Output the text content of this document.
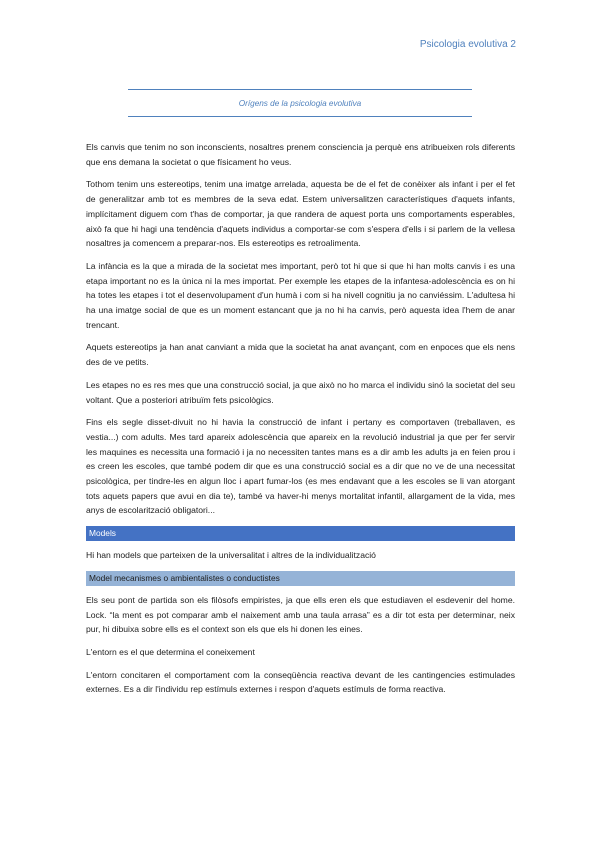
Psicologia evolutiva 2
Orígens de la psicologia evolutiva

Els canvis que tenim no son inconscients, nosaltres prenem consciencia ja perquè ens atribueixen rols diferents que ens demana la societat o que físicament ho veus.

Tothom tenim uns estereotips, tenim una imatge arrelada, aquesta be de el fet de conèixer als infant i per el fet de generalitzar amb tot es membres de la seva edat. Estem universalitzen característiques d'aquets infants, implícitament diguem com t'has de comportar, ja que randera de aquest porta uns comportaments esperables, això fa que hi hagi una tendència d'aquets individus a comportar-se com s'espera d'ells i si parlem de la vellesa nosaltres ja comencem a preparar-nos. Els estereotips es retroalimenta.

La infància es la que a mirada de la societat mes important, però tot hi que si que hi han molts canvis i es una etapa important no es la única ni la mes importat. Per exemple les etapes de la infantesa-adolescència es on hi ha totes les etapes i tot el desenvolupament d'un humà i com si ha nivell cognitiu ja no canviéssim. L'adultesa hi ha una imatge social de que es un moment estancant que ja no hi ha canvis, però aquesta idea l'hem de anar trencant.

Aquets estereotips ja han anat canviant a mida que la societat ha anat avançant, com en enpoces que els nens des de ve petits.

Les etapes no es res mes que una construcció social, ja que això no ho marca el individu sinó la societat del seu voltant. Que a posteriori atribuïm fets psicològics.

Fins els segle disset-divuit no hi havia la construcció de infant i pertany es comportaven (treballaven, es vestia...) com adults. Mes tard apareix adolescència que apareix en la revolució industrial ja que per fer servir les maquines es necessita una formació i ja no necessiten tantes mans es a dir amb les adults ja en feien prou i es creen les escoles, que també podem dir que es una construcció social es a dir que no ve de una necessitat psicològica, per tindre-les en algun lloc i apart fumar-los (es mes endavant que a les escoles se li van atorgant tots aquets papers que avui en dia te), també va haver-hi menys mortalitat infantil, allargament de la vida, mes anys de escolarització obligatori...

Models

Hi han models que parteixen de la universalitat i altres de la individualització

Model mecanismes o ambientalistes o conductistes

Els seu pont de partida son els filòsofs empiristes, ja que ells eren els que estudiaven el esdevenir del home. Lock. “la ment es pot comparar amb el naixement amb una taula arrasa” es a dir tot esta per determinar, neix pur, hi dibuixa sobre ells es el context son els que els hi donen les eines.

L'entorn es el que determina el coneixement

L'entorn concitaren el comportament com la conseqüència reactiva devant de les cantingencies estimulades externes. Es a dir l'individu rep estímuls externes i respon d'aquets estímuls de forma reactiva.
